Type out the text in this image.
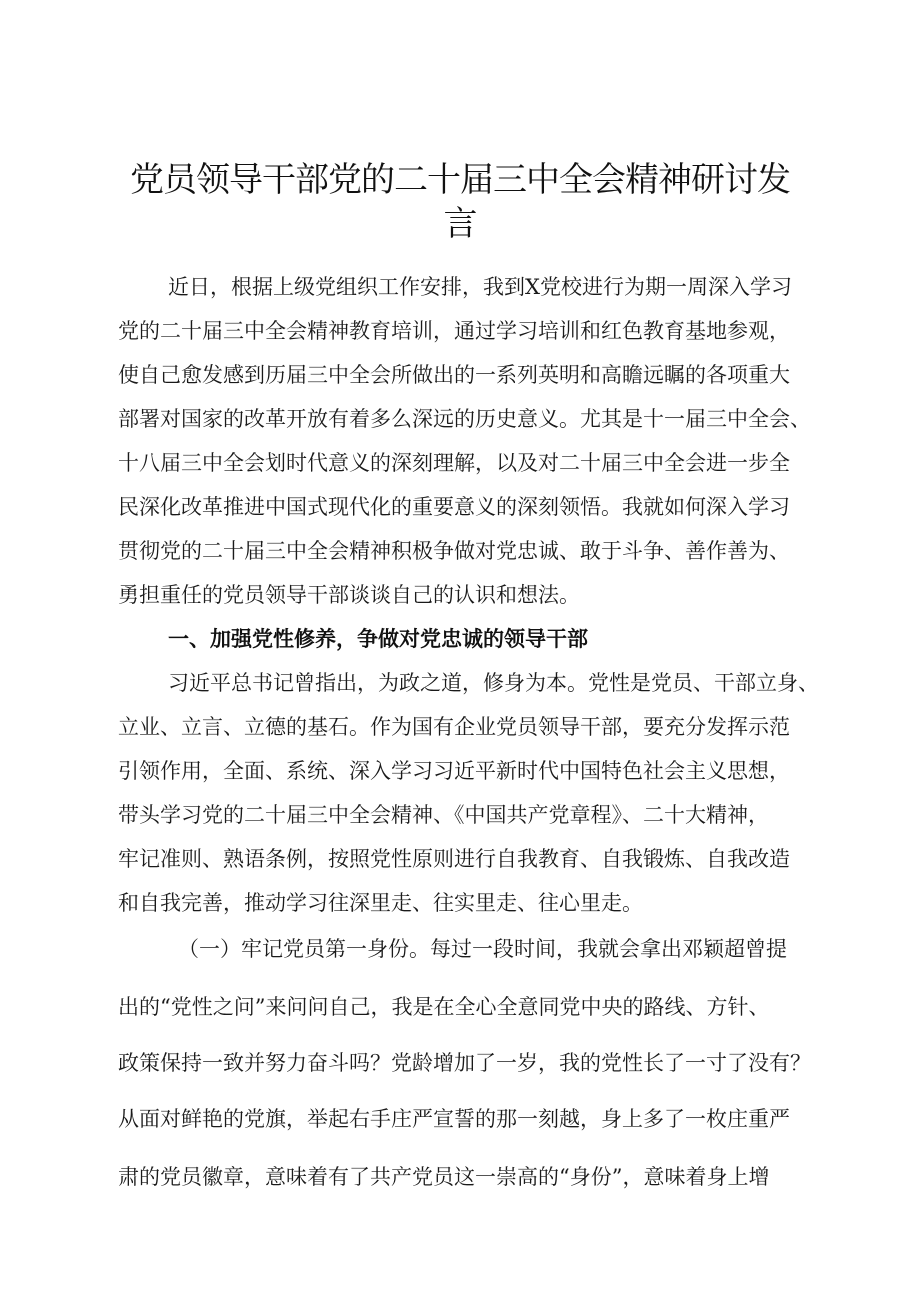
党员领导干部党的二十届三中全会精神研讨发言

近日，根据上级党组织工作安排，我到X党校进行为期一周深入学习

党的二十届三中全会精神教育培训，通过学习培训和红色教育基地参观，

使自己愈发感到历届三中全会所做出的一系列英明和高瞻远瞩的各项重大

部署对国家的改革开放有着多么深远的历史意义。尤其是十一届三中全会、

十八届三中全会划时代意义的深刻理解，以及对二十届三中全会进一步全

民深化改革推进中国式现代化的重要意义的深刻领悟。我就如何深入学习

贯彻党的二十届三中全会精神积极争做对党忠诚、敢于斗争、善作善为、

勇担重任的党员领导干部谈谈自己的认识和想法。

一、加强党性修养，争做对党忠诚的领导干部

习近平总书记曾指出，为政之道，修身为本。党性是党员、干部立身、

立业、立言、立德的基石。作为国有企业党员领导干部，要充分发挥示范

引领作用，全面、系统、深入学习习近平新时代中国特色社会主义思想，

带头学习党的二十届三中全会精神、《中国共产党章程》、二十大精神，

牢记准则、熟语条例，按照党性原则进行自我教育、自我锻炼、自我改造

和自我完善，推动学习往深里走、往实里走、往心里走。

（一）牢记党员第一身份。每过一段时间，我就会拿出邓颖超曾提

出的“党性之问”来问问自己，我是在全心全意同党中央的路线、方针、

政策保持一致并努力奋斗吗？党龄增加了一岁，我的党性长了一寸了没有？

从面对鲜艳的党旗，举起右手庄严宣誓的那一刻越，身上多了一枚庄重严

肃的党员徽章，意味着有了共产党员这一崇高的“身份”，意味着身上增
